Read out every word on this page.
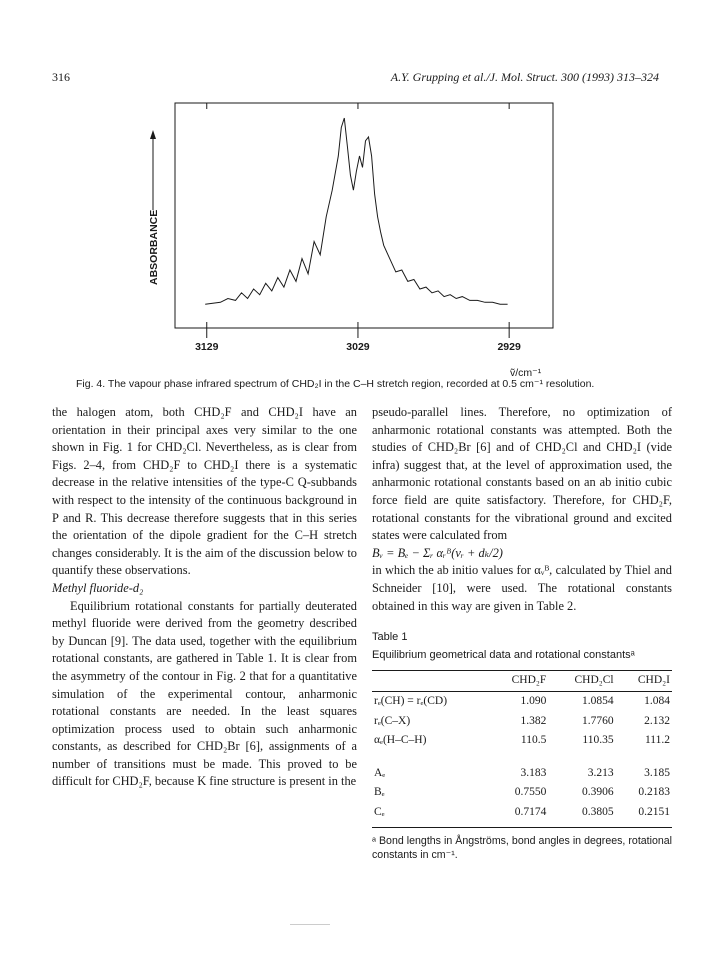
316	A.Y. Grupping et al./J. Mol. Struct. 300 (1993) 313–324
ABSORBANCE
3129	3029	2929
ṽ/cm⁻¹
Fig. 4. The vapour phase infrared spectrum of CHD₂I in the C–H stretch region, recorded at 0.5 cm⁻¹ resolution.

the halogen atom, both CHD₂F and CHD₂I have an orientation in their principal axes very similar to the one shown in Fig. 1 for CHD₂Cl. Nevertheless, as is clear from Figs. 2–4, from CHD₂F to CHD₂I there is a systematic decrease in the relative intensities of the type-C Q-subbands with respect to the intensity of the continuous background in P and R. This decrease therefore suggests that in this series the orientation of the dipole gradient for the C–H stretch changes considerably. It is the aim of the discussion below to quantify these observations.

Methyl fluoride-d₂

Equilibrium rotational constants for partially deuterated methyl fluoride were derived from the geometry described by Duncan [9]. The data used, together with the equilibrium rotational constants, are gathered in Table 1. It is clear from the asymmetry of the contour in Fig. 2 that for a quantitative simulation of the experimental contour, anharmonic rotational constants are needed. In the least squares optimization process used to obtain such anharmonic constants, as described for CHD₂Br [6], assignments of a number of transitions must be made. This proved to be difficult for CHD₂F, because K fine structure is present in the

pseudo-parallel lines. Therefore, no optimization of anharmonic rotational constants was attempted. Both the studies of CHD₂Br [6] and of CHD₂Cl and CHD₂I (vide infra) suggest that, at the level of approximation used, the anharmonic rotational constants based on an ab initio cubic force field are quite satisfactory. Therefore, for CHD₂F, rotational constants for the vibrational ground and excited states were calculated from

Bᵥ = Bₑ − Σᵣ αᵣᴮ(vᵣ + dₖ/2)

in which the ab initio values for αᵥᴮ, calculated by Thiel and Schneider [10], were used. The rotational constants obtained in this way are given in Table 2.

Table 1
Equilibrium geometrical data and rotational constantsᵃ
	CHD₂F	CHD₂Cl	CHD₂I
rₑ(CH) = rₑ(CD)	1.090	1.0854	1.084
rₑ(C–X)	1.382	1.7760	2.132
αₑ(H–C–H)	110.5	110.35	111.2
Aₑ	3.183	3.213	3.185
Bₑ	0.7550	0.3906	0.2183
Cₑ	0.7174	0.3805	0.2151
ᵃ Bond lengths in Ångströms, bond angles in degrees, rotational constants in cm⁻¹.
